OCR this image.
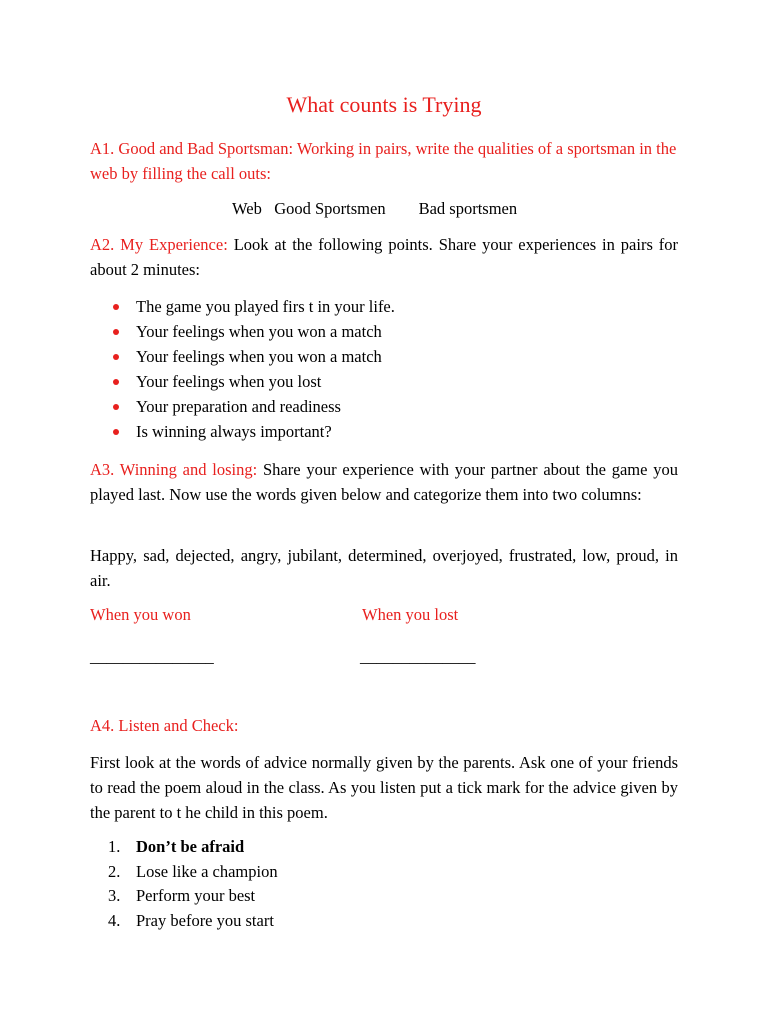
What counts is Trying
A1. Good and Bad Sportsman: Working in pairs, write the qualities of a sportsman in the web by filling the call outs:
Web Good Sportsmen Bad sportsmen
A2. My Experience: Look at the following points. Share your experiences in pairs for about 2 minutes:
The game you played firs t in your life.
Your feelings when you won a match
Your feelings when you won a match
Your feelings when you lost
Your preparation and readiness
Is winning always important?
A3. Winning and losing: Share your experience with your partner about the game you played last. Now use the words given below and categorize them into two columns:
Happy, sad, dejected, angry, jubilant, determined, overjoyed, frustrated, low, proud, in air.
When you won	When you lost
_______________	______________
A4. Listen and Check:
First look at the words of advice normally given by the parents. Ask one of your friends to read the poem aloud in the class. As you listen put a tick mark for the advice given by the parent to t he child in this poem.
1. Don’t be afraid
2. Lose like a champion
3. Perform your best
4. Pray before you start
